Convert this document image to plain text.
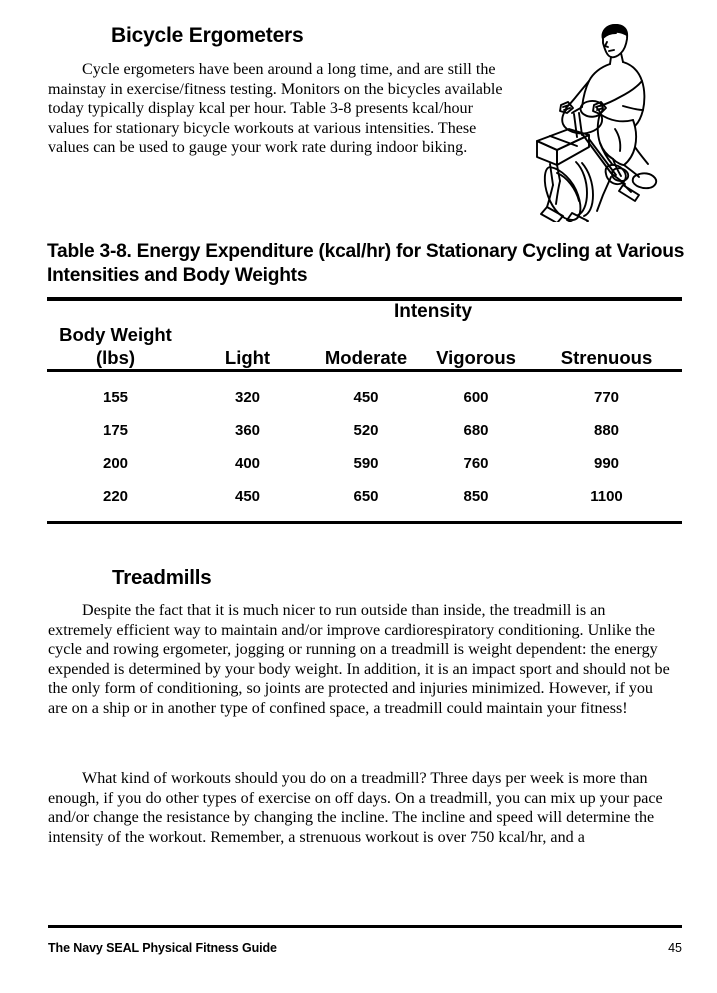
Bicycle Ergometers
Cycle ergometers have been around a long time, and are still the mainstay in exercise/fitness testing. Monitors on the bicycles available today typically display kcal per hour. Table 3-8 presents kcal/hour values for stationary bicycle workouts at various intensities. These values can be used to gauge your work rate during indoor biking.
Table 3-8. Energy Expenditure (kcal/hr) for Stationary Cycling at Various Intensities and Body Weights
	Intensity			

Body Weight
(lbs)	Light	Moderate	Vigorous	Strenuous

155	320	450	600	770
175	360	520	680	880
200	400	590	760	990
220	450	650	850	1100

Treadmills
Despite the fact that it is much nicer to run outside than inside, the treadmill is an extremely efficient way to maintain and/or improve cardiorespiratory conditioning. Unlike the cycle and rowing ergometer, jogging or running on a treadmill is weight dependent: the energy expended is determined by your body weight. In addition, it is an impact sport and should not be the only form of conditioning, so joints are protected and injuries minimized. However, if you are on a ship or in another type of confined space, a treadmill could maintain your fitness!
What kind of workouts should you do on a treadmill? Three days per week is more than enough, if you do other types of exercise on off days. On a treadmill, you can mix up your pace and/or change the resistance by changing the incline. The incline and speed will determine the intensity of the workout. Remember, a strenuous workout is over 750 kcal/hr, and a
The Navy SEAL Physical Fitness Guide	45
